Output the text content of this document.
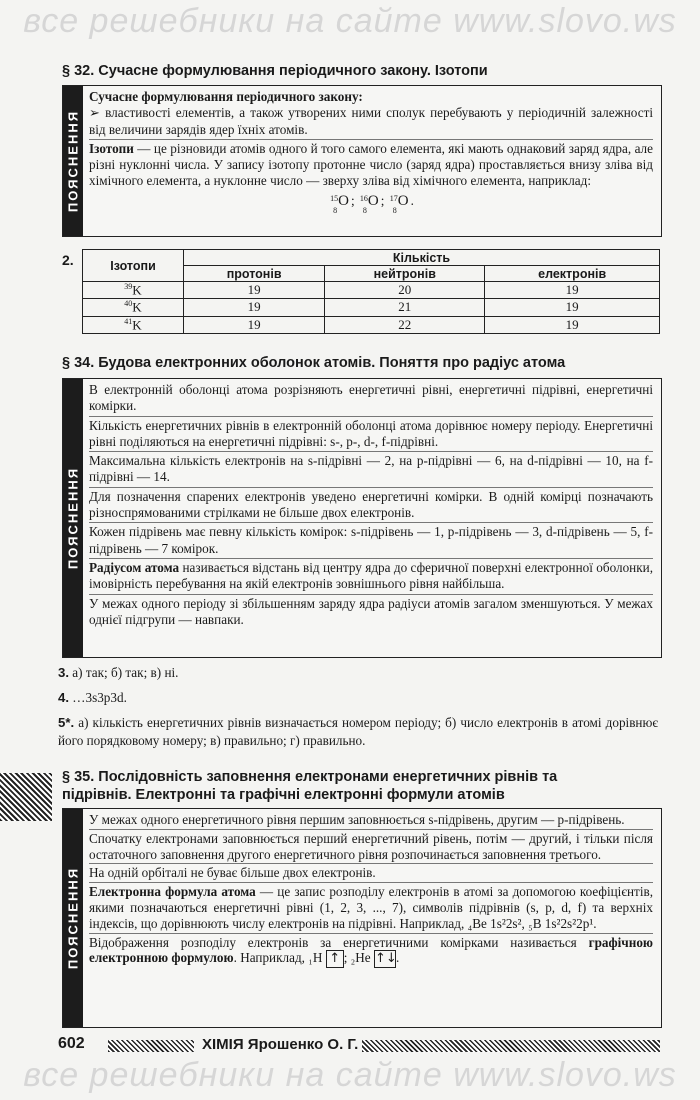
все решебники на сайте www.slovo.ws
§ 32. Сучасне формулювання періодичного закону. Ізотопи
ПОЯСНЕННЯ

Сучасне формулювання періодичного закону:

➢ властивості елементів, а також утворених ними сполук перебувають у періодичній залежності від величини зарядів ядер їхніх атомів.

Ізотопи — це різновиди атомів одного й того самого елемента, які мають однаковий заряд ядра, але різні нуклонні числа. У запису ізотопу протонне число (заряд ядра) проставляється внизу зліва від хімічного елемента, а нуклонне число — зверху зліва від хімічного елемента, наприклад:

15
8
O ; 16
8
O ; 17
8
O .

2.	Ізотопи	Кількість		
	протонів	нейтронів	електронів
$^{39}$K	19	20	19
$^{40}$K	19	21	19
$^{41}$K	19	22	19
§ 34. Будова електронних оболонок атомів. Поняття про радіус атома
ПОЯСНЕННЯ

В електронній оболонці атома розрізняють енергетичні рівні, енергетичні підрівні, енергетичні комірки.

Кількість енергетичних рівнів в електронній оболонці атома дорівнює номеру періоду. Енергетичні рівні поділяються на енергетичні підрівні: s-, p-, d-, f-підрівні.

Максимальна кількість електронів на s-підрівні — 2, на p-підрівні — 6, на d-підрівні — 10, на f-підрівні — 14.

Для позначення спарених електронів уведено енергетичні комірки. В одній комірці позначають різноспрямованими стрілками не більше двох електронів.

Кожен підрівень має певну кількість комірок: s-підрівень — 1, p-підрівень — 3, d-підрівень — 5, f-підрівень — 7 комірок.

Радіусом атома називається відстань від центру ядра до сферичної поверхні електронної оболонки, імовірність перебування на якій електронів зовнішнього рівня найбільша.

У межах одного періоду зі збільшенням заряду ядра радіуси атомів загалом зменшуються. У межах однієї підгрупи — навпаки.

3. а) так; б) так; в) ні.
4. …3s3p3d.
5*. а) кількість енергетичних рівнів визначається номером періоду; б) число електронів в атомі дорівнює його порядковому номеру; в) правильно; г) правильно.
§ 35. Послідовність заповнення електронами енергетичних рівнів та підрівнів. Електронні та графічні електронні формули атомів
ПОЯСНЕННЯ

У межах одного енергетичного рівня першим заповнюється s-підрівень, другим — p-підрівень.

Спочатку електронами заповнюється перший енергетичний рівень, потім — другий, і тільки після остаточного заповнення другого енергетичного рівня розпочинається заповнення третього.

На одній орбіталі не буває більше двох електронів.

Електронна формула атома — це запис розподілу електронів в атомі за допомогою коефіцієнтів, якими позначаються енергетичні рівні (1, 2, 3, ..., 7), символів підрівнів (s, p, d, f) та верхніх індексів, що дорівнюють числу електронів на підрівні. Наприклад, ₄Be 1s²2s², ₅B 1s²2s²2p¹.

Відображення розподілу електронів за енергетичними комірками називається графічною електронною формулою. Наприклад, ₁H ↑ ; ₂He ↑↓.

602	ХІМІЯ Ярошенко О. Г.
все решебники на сайте www.slovo.ws
